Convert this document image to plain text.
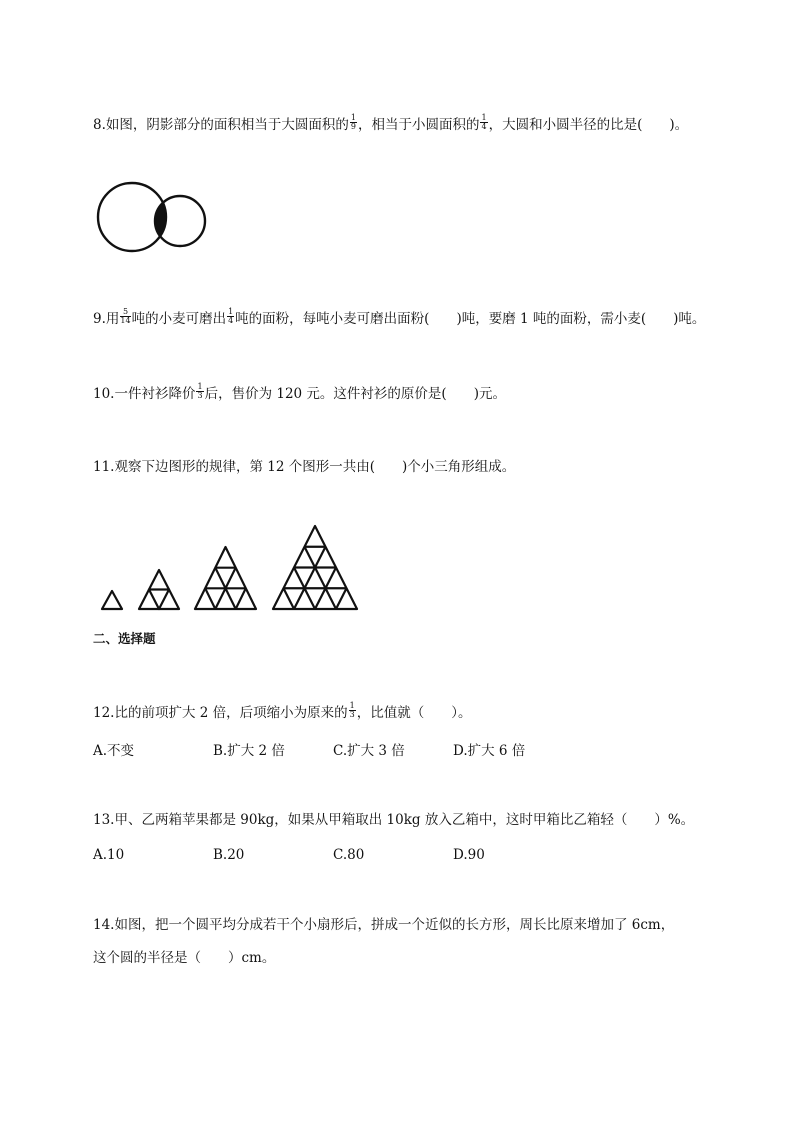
8.如图，阴影部分的面积相当于大圆面积的 $\frac{1}{9}$ ，相当于小圆面积的 $\frac{1}{4}$ ，大圆和小圆半径的比是(　　)。
9.用 $\frac{5}{14}$ 吨的小麦可磨出 $\frac{1}{4}$ 吨的面粉，每吨小麦可磨出面粉(　　)吨，要磨 1 吨的面粉，需小麦(　　)吨。
10.一件衬衫降价 $\frac{1}{3}$ 后，售价为 120 元。这件衬衫的原价是(　　)元。
11.观察下边图形的规律，第 12 个图形一共由(　　)个小三角形组成。
二、选择题
12.比的前项扩大 2 倍，后项缩小为原来的 $\frac{1}{3}$ ，比值就（　　）。
A.不变	B.扩大 2 倍	C.扩大 3 倍	D.扩大 6 倍
13.甲、乙两箱苹果都是 90kg，如果从甲箱取出 10kg 放入乙箱中，这时甲箱比乙箱轻（　　）%。
A.10	B.20	C.80	D.90
14.如图，把一个圆平均分成若干个小扇形后，拼成一个近似的长方形，周长比原来增加了 6cm，
这个圆的半径是（　　）cm。
